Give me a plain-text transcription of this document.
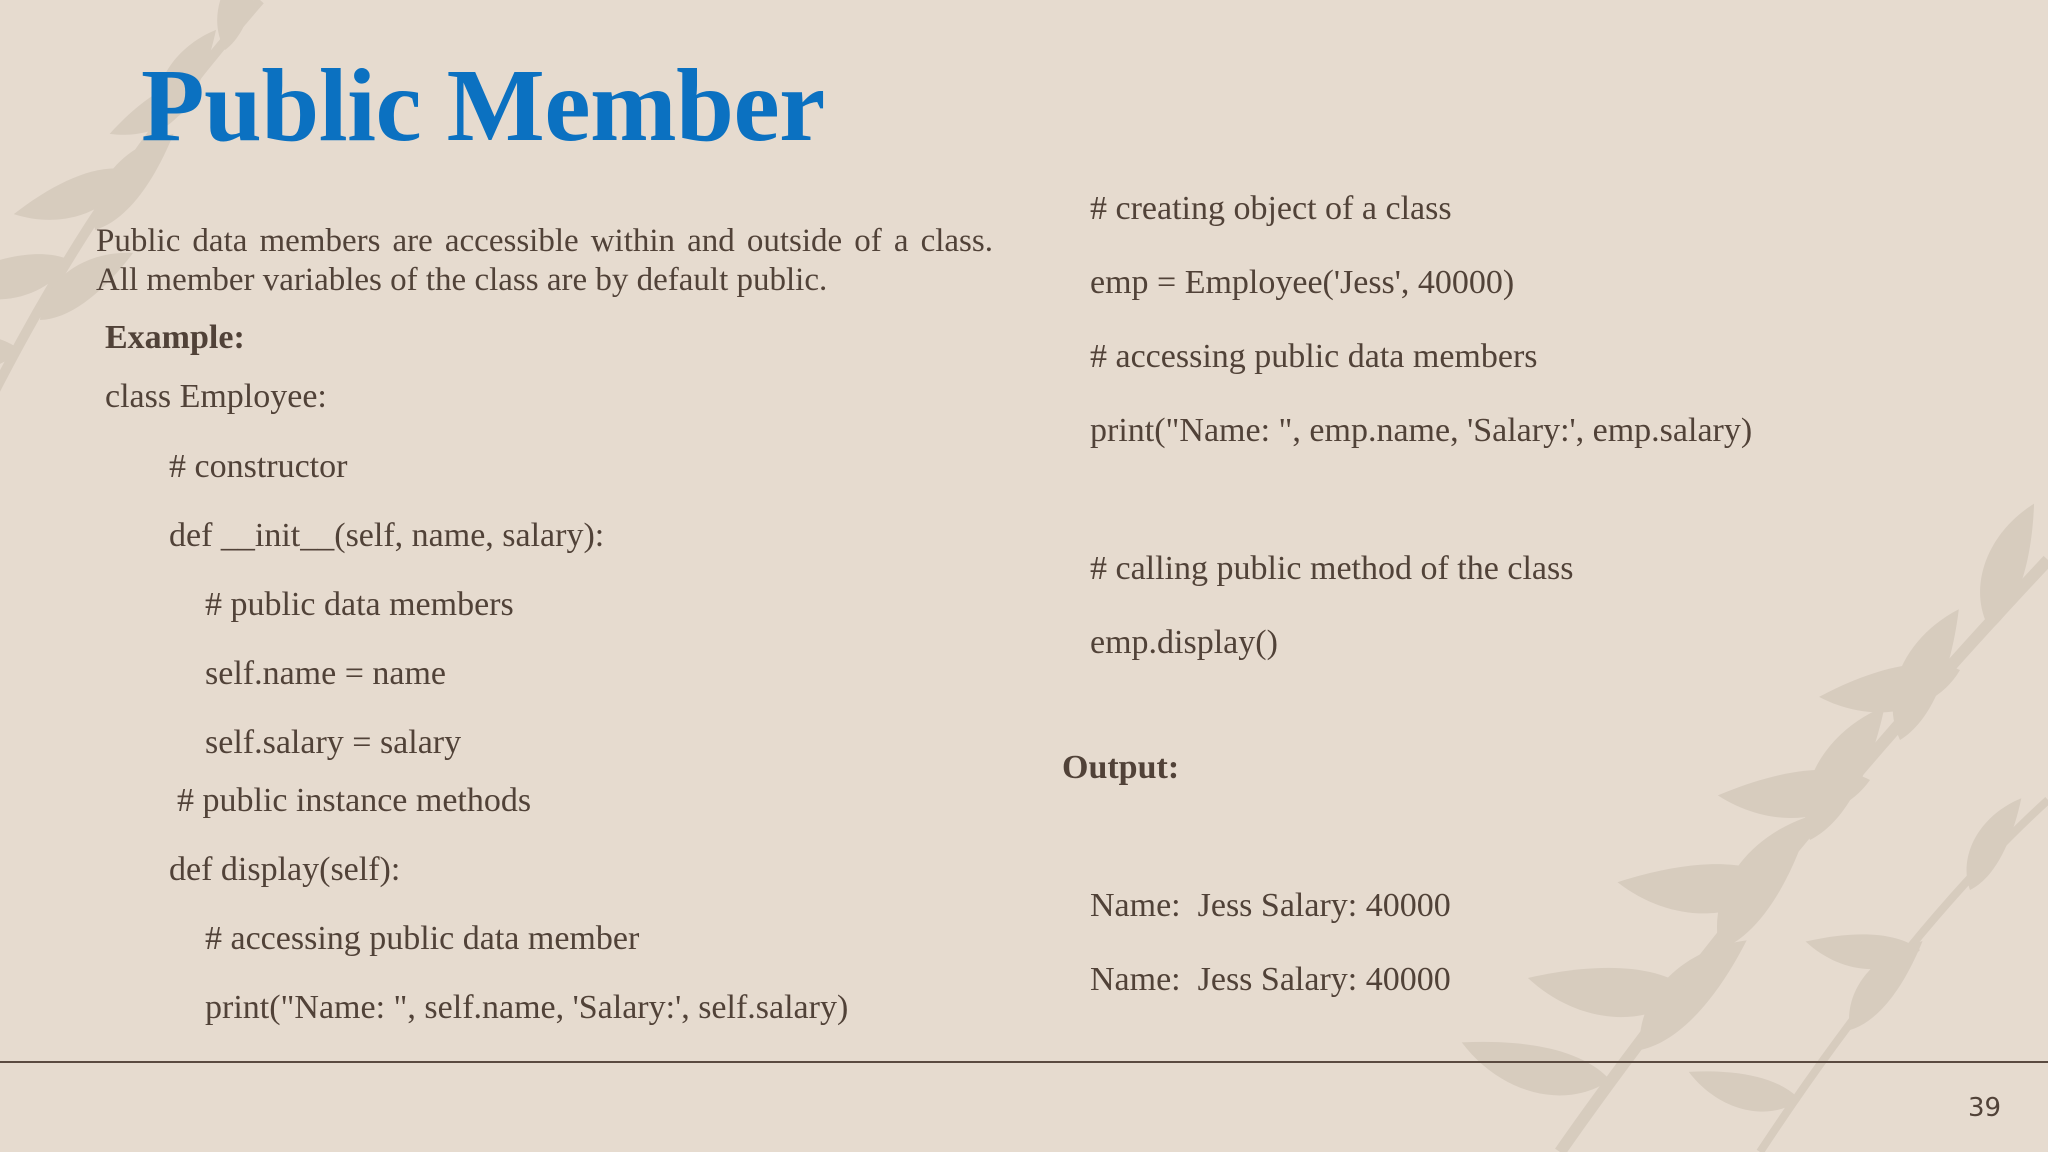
Public Member

Public data members are accessible within and outside of a class. All member variables of the class are by default public.

Example:
class Employee:
# constructor
def __init__(self, name, salary):
# public data members
self.name = name
self.salary = salary
# public instance methods
def display(self):
# accessing public data member
print("Name: ", self.name, 'Salary:', self.salary)
# creating object of a class
emp = Employee('Jess', 40000)
# accessing public data members
print("Name: ", emp.name, 'Salary:', emp.salary)
# calling public method of the class
emp.display()
Output:
Name:  Jess Salary: 40000
Name:  Jess Salary: 40000
39
